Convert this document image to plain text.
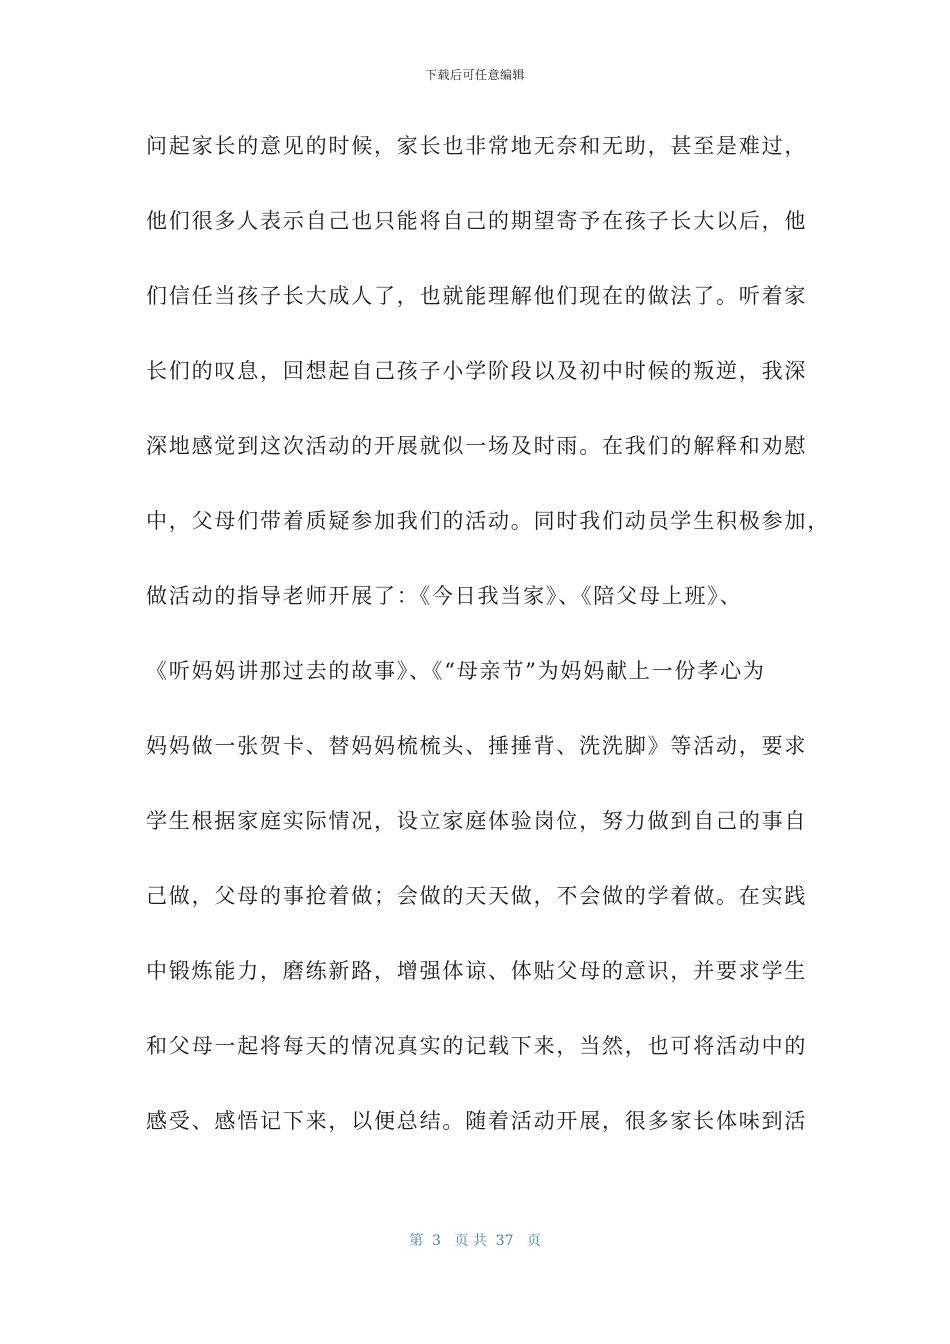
下载后可任意编辑
问起家长的意见的时候，家长也非常地无奈和无助，甚至是难过，
他们很多人表示自己也只能将自己的期望寄予在孩子长大以后，他
们信任当孩子长大成人了，也就能理解他们现在的做法了。听着家
长们的叹息，回想起自己孩子小学阶段以及初中时候的叛逆，我深
深地感觉到这次活动的开展就似一场及时雨。在我们的解释和劝慰
中，父母们带着质疑参加我们的活动。同时我们动员学生积极参加，
做活动的指导老师开展了：《今日我当家》、《陪父母上班》、
《听妈妈讲那过去的故事》、《“母亲节”为妈妈献上一份孝心为
妈妈做一张贺卡、替妈妈梳梳头、捶捶背、洗洗脚》等活动，要求
学生根据家庭实际情况，设立家庭体验岗位，努力做到自己的事自
己做，父母的事抢着做；会做的天天做，不会做的学着做。在实践
中锻炼能力，磨练新路，增强体谅、体贴父母的意识，并要求学生
和父母一起将每天的情况真实的记载下来，当然，也可将活动中的
感受、感悟记下来，以便总结。随着活动开展，很多家长体味到活
第  3   页 共  37   页
